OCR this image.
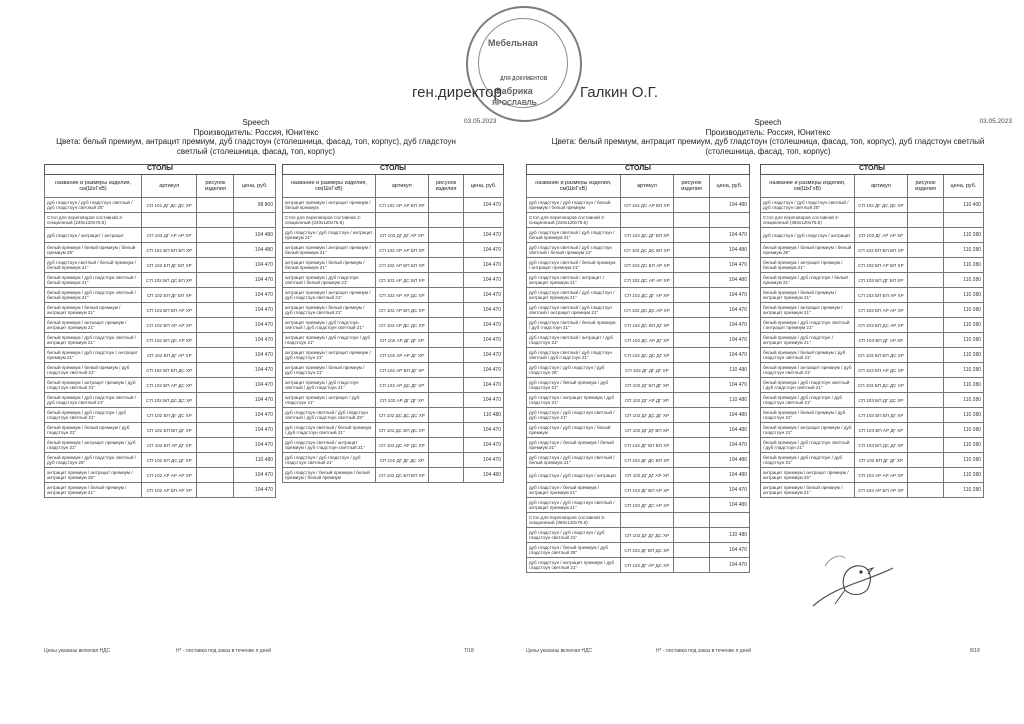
Мебельная
ДЛЯ ДОКУМЕНТОВ
Фабрика
ЯРОСЛАВЛЬ
ген.директор	Галкин О.Г.
Speech
Производитель: Россия, Юнитекс
Цвета: белый премиум, антрацит премиум, дуб гладстоун (столешница, фасад, топ, корпус), дуб гладстоун светлый (столешница, фасад, топ, корпус)
03.05.2023
СТОЛЫ			
название и размеры изделия, см(ШxГxВ)	артикул	рисунок изделия	цена, руб.
дуб гладстоун / дуб гладстоун светлый / дуб гладстоун светлый 25"	СП 101 ДГ ДС ДС ХР		98 860
Стол для переговоров составной 2-секционный (240x120x75.6)			
дуб гладстоун / антрацит / антрацит	СП 102 ДГ АР АР ХР		104 480
белый премиум / белый премиум / белый премиум 25"	СП 102 БП БП БП ХР		104 480
дуб гладстоун светлый / белый премиум / белый премиум 21"	СП 102 БП ДГ БП ХР		104 470
белый премиум / дуб гладстоун светлый / белый премиум 21"	СП 102 БП ДС БП ХР		104 470
белый премиум / дуб гладстоун светлый / белый премиум 21"	СП 102 БП ДГ БП ХР		104 470
белый премиум / белый премиум / антрацит премиум 21"	СП 102 БП БП АР ХР		104 470
белый премиум / антрацит премиум / антрацит премиум 21"	СП 102 БП АР АР ХР		104 470
белый премиум / дуб гладстоун светлый / антрацит премиум 21"	СП 102 БП ДС АР ХР		104 470
белый премиум / дуб гладстоун / антрацит премиум 21"	СП 102 БП ДГ АР ХР		104 470
белый премиум / белый премиум / дуб гладстоун светлый 21"	СП 102 БП БП ДС ХР		104 470
белый премиум / антрацит премиум / дуб гладстоун светлый 21"	СП 102 БП АР ДС ХР		104 470
белый премиум / дуб гладстоун светлый / дуб гладстоун светлый 21"	СП 102 БП ДС ДС ХР		104 470
белый премиум / дуб гладстоун / дуб гладстоун светлый 21"	СП 102 БП ДГ ДС ХР		104 470
белый премиум / белый премиум / дуб гладстоун 21"	СП 102 БП БП ДГ ХР		104 470
белый премиум / антрацит премиум / дуб гладстоун 21"	СП 102 БП АР ДГ ХР		104 470
белый премиум / дуб гладстоун светлый / дуб гладстоун 25"	СП 102 БП ДС ДГ ХР		110 480
антрацит премиум / антрацит премиум / антрацит премиум 25"	СП 102 АР АР АР ХР		104 470
антрацит премиум / белый премиум / антрацит премиум 21"	СП 102 АР БП АР ХР		104 470
СТОЛЫ			
название и размеры изделия, см(ШxГxВ)	артикул	рисунок изделия	цена, руб.
антрацит премиум / антрацит премиум / белый премиум	СП 102 АР АР БП ХР		104 470
Стол для переговоров составной 2-секционный (240x120x75.6)			
дуб гладстоун / дуб гладстоун / антрацит премиум 21"	СП 102 ДГ ДГ АР ХР		104 470
антрацит премиум / антрацит премиум / белый премиум 21"	СП 102 АР АР БП ХР		104 470
антрацит премиум / белый премиум / белый премиум 21"	СП 102 АР БП БП ХР		104 470
антрацит премиум / дуб гладстоун светлый / белый премиум 21"	СП 102 АР ДС БП ХР		104 470
антрацит премиум / антрацит премиум / дуб гладстоун светлый 21"	СП 102 АР АР ДС ХР		104 470
антрацит премиум / белый премиум / дуб гладстоун светлый 21"	СП 102 АР БП ДС ХР		104 470
антрацит премиум / дуб гладстоун светлый / дуб гладстоун светлый 21"	СП 102 АР ДС ДС ХР		104 470
антрацит премиум / дуб гладстоун / дуб гладстоун 21"	СП 102 АР ДГ ДГ ХР		104 470
антрацит премиум / антрацит премиум / дуб гладстоун 21"	СП 102 АР АР ДГ ХР		104 470
антрацит премиум / белый премиум / дуб гладстоун 21"	СП 102 АР БП ДГ ХР		104 470
антрацит премиум / дуб гладстоун светлый / дуб гладстоун 21"	СП 102 АР ДС ДГ ХР		104 470
антрацит премиум / антрацит / дуб гладстоун 21"	СП 102 АР ДГ ДГ ХР		104 470
дуб гладстоун светлый / дуб гладстоун светлый / дуб гладстоун светлый 25"	СП 102 ДС ДС ДС ХР		110 480
дуб гладстоун светлый / белый премиум / дуб гладстоун светлый 21"	СП 102 ДС БП ДС ХР		104 470
дуб гладстоун светлый / антрацит премиум / дуб гладстоун светлый 21"	СП 102 ДС АР ДС ХР		104 470
дуб гладстоун / дуб гладстоун / дуб гладстоун светлый 21"	СП 102 ДГ ДГ ДС ХР		104 470
дуб гладстоун / белый премиум / белый премиум / белый премиум	СП 102 ДС БП БП ХР		104 480
Цены указаны включая НДС	H* - поставка под заказ в течение n дней	7/18
Speech
Производитель: Россия, Юнитекс
Цвета: белый премиум, антрацит премиум, дуб гладстоун (столешница, фасад, топ, корпус), дуб гладстоун светлый (столешница, фасад, топ, корпус)
03.05.2023
СТОЛЫ			
название и размеры изделия, см(ШxГxВ)	артикул	рисунок изделия	цена, руб.
дуб гладстоун / дуб гладстоун / белый премиум / белый премиум	СП 102 ДС АР БП ХР		104 480
Стол для переговоров составной 2-секционный (240x120x75.6)			
дуб гладстоун светлый / дуб гладстоун / белый премиум 21"	СП 102 ДС ДГ БП ХР		104 470
дуб гладстоун светлый / дуб гладстоун светлый / белый премиум 21"	СП 102 ДС ДС БП ХР		104 480
дуб гладстоун светлый / белый премиум / антрацит премиум 21"	СП 102 ДС БП АР ХР		104 470
дуб гладстоун светлый / антрацит / антрацит премиум 21"	СП 102 ДС АР АР ХР		104 480
дуб гладстоун светлый / дуб гладстоун / антрацит премиум 21"	СП 102 ДС ДГ АР ХР		104 470
дуб гладстоун светлый / дуб гладстоун светлый / антрацит премиум 21"	СП 102 ДС ДС АР ХР		104 470
дуб гладстоун светлый / белый премиум / дуб гладстоун 21"	СП 102 ДС БП ДГ ХР		104 470
дуб гладстоун светлый / антрацит / дуб гладстоун 21"	СП 102 ДС АР ДГ ХР		104 470
дуб гладстоун светлый / дуб гладстоун светлый / дуб гладстоун 21"	СП 102 ДС ДС ДГ ХР		104 470
дуб гладстоун / дуб гладстоун / дуб гладстоун 25"	СП 102 ДГ ДГ ДГ ХР		110 480
дуб гладстоун / белый премиум / дуб гладстоун 21"	СП 102 ДГ БП ДГ ХР		104 470
дуб гладстоун / антрацит премиум / дуб гладстоун 21"	СП 102 ДГ АР ДГ ХР		110 480
дуб гладстоун / дуб гладстоун светлый / дуб гладстоун 21"	СП 102 ДГ ДС ДГ ХР		104 480
дуб гладстоун / дуб гладстоун / белый премиум	СП 102 ДГ ДГ БП ХР		104 480
дуб гладстоун / белый премиум / белый премиум 21"	СП 102 ДГ БП БП ХР		104 470
дуб гладстоун / дуб гладстоун светлый / белый премиум 21"	СП 102 ДГ ДС БП ХР		104 480
дуб гладстоун / дуб гладстоун / антрацит	СП 102 ДГ ДГ АР ХР		104 480
дуб гладстоун / белый премиум / антрацит премиум 21"	СП 102 ДГ БП АР ХР		104 470
дуб гладстоун / дуб гладстоун светлый / антрацит премиум 21"	СП 102 ДГ ДС АР ХР		104 480
Стол для переговоров составной 3-секционный (360x120x75.6)			
дуб гладстоун / дуб гладстоун / дуб гладстоун светлый 21"	СП 102 ДГ ДГ ДС ХР		110 480
дуб гладстоун / белый премиум / дуб гладстоун светлый 25"	СП 102 ДГ БП ДС ХР		104 470
дуб гладстоун / антрацит премиум / дуб гладстоун светлый 21"	СП 102 ДГ АР ДС ХР		104 470
СТОЛЫ			
название и размеры изделия, см(ШxГxВ)	артикул	рисунок изделия	цена, руб.
дуб гладстоун / дуб гладстоун светлый / дуб гладстоун светлый 25"	СП 102 ДГ ДС ДС ХР		110 400
Стол для переговоров составной 2-секционный (360x120x75.6)			
дуб гладстоун / дуб гладстоун / антрацит	СП 103 ДГ АР АР ХР		110 280
белый премиум / белый премиум / белый премиум 25"	СП 103 БП БП БП ХР		110 280
белый премиум / антрацит премиум / белый премиум 21"	СП 103 БП АР БП ХР		110 280
белый премиум / дуб гладстоун / белый премиум 21"	СП 103 БП ДГ БП ХР		110 280
белый премиум / белый премиум / антрацит премиум 21"	СП 103 БП БП АР ХР		110 280
белый премиум / антрацит премиум / антрацит премиум 21"	СП 103 БП АР АР ХР		110 280
белый премиум / дуб гладстоун светлый / антрацит премиум 21"	СП 103 БП ДС АР ХР		110 280
белый премиум / дуб гладстоун / антрацит премиум 21"	СП 103 БП ДГ АР ХР		110 280
белый премиум / белый премиум / дуб гладстоун светлый 21"	СП 103 БП БП ДС ХР		110 280
белый премиум / антрацит премиум / дуб гладстоун светлый 21"	СП 103 БП АР ДС ХР		110 280
белый премиум / дуб гладстоун светлый / дуб гладстоун светлый 21"	СП 103 БП ДС ДС ХР		110 280
белый премиум / дуб гладстоун / дуб гладстоун светлый 21"	СП 103 БП ДГ ДС ХР		110 280
белый премиум / белый премиум / дуб гладстоун 21"	СП 103 БП БП ДГ ХР		110 280
белый премиум / антрацит премиум / дуб гладстоун 21"	СП 103 БП АР ДГ ХР		110 280
белый премиум / дуб гладстоун светлый / дуб гладстоун 21"	СП 103 БП ДС ДГ ХР		110 280
белый премиум / дуб гладстоун / дуб гладстоун 21"	СП 103 БП ДГ ДГ ХР		110 280
антрацит премиум / антрацит премиум / антрацит премиум 25"	СП 103 АР АР АР ХР		110 280
антрацит премиум / белый премиум / антрацит премиум 21"	СП 103 АР БП АР ХР		110 280
Цены указаны включая НДС	H* - поставка под заказ в течение n дней	8/18
